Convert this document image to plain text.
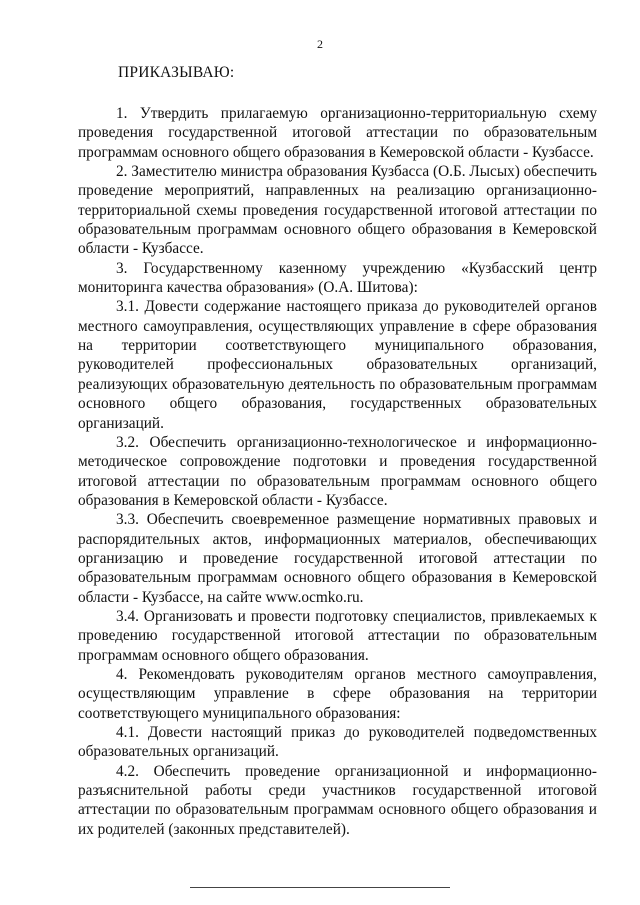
2
ПРИКАЗЫВАЮ:

1. Утвердить прилагаемую организационно-территориальную схему проведения государственной итоговой аттестации по образовательным программам основного общего образования в Кемеровской области - Кузбассе.

2. Заместителю министра образования Кузбасса (О.Б. Лысых) обеспечить проведение мероприятий, направленных на реализацию организационно-территориальной схемы проведения государственной итоговой аттестации по образовательным программам основного общего образования в Кемеровской области - Кузбассе.

3. Государственному казенному учреждению «Кузбасский центр мониторинга качества образования» (О.А. Шитова):

3.1. Довести содержание настоящего приказа до руководителей органов местного самоуправления, осуществляющих управление в сфере образования на территории соответствующего муниципального образования, руководителей профессиональных образовательных организаций, реализующих образовательную деятельность по образовательным программам основного общего образования, государственных образовательных организаций.

3.2. Обеспечить организационно-технологическое и информационно-методическое сопровождение подготовки и проведения государственной итоговой аттестации по образовательным программам основного общего образования в Кемеровской области - Кузбассе.

3.3. Обеспечить своевременное размещение нормативных правовых и распорядительных актов, информационных материалов, обеспечивающих организацию и проведение государственной итоговой аттестации по образовательным программам основного общего образования в Кемеровской области - Кузбассе, на сайте www.ocmko.ru.

3.4. Организовать и провести подготовку специалистов, привлекаемых к проведению государственной итоговой аттестации по образовательным программам основного общего образования.

4. Рекомендовать руководителям органов местного самоуправления, осуществляющим управление в сфере образования на территории соответствующего муниципального образования:

4.1. Довести настоящий приказ до руководителей подведомственных образовательных организаций.

4.2. Обеспечить проведение организационной и информационно-разъяснительной работы среди участников государственной итоговой аттестации по образовательным программам основного общего образования и их родителей (законных представителей).
